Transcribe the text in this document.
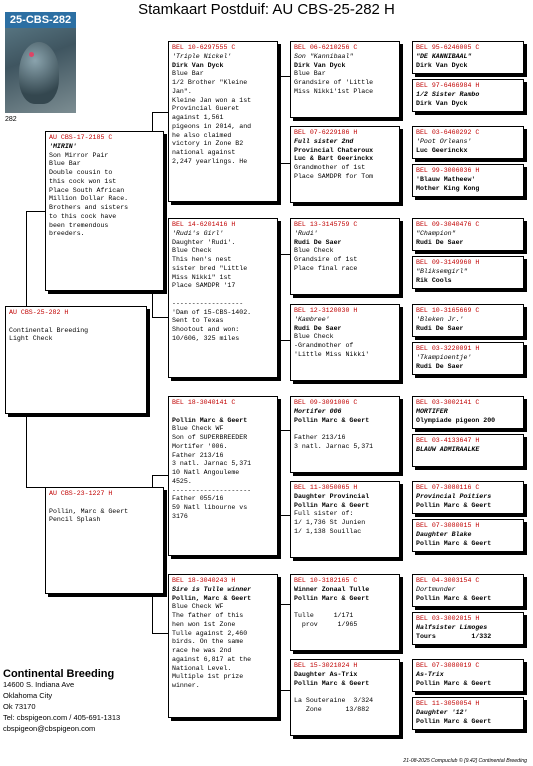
Stamkaart Postduif: AU CBS-25-282 H
25-CBS-282
282
AU CBS-25-282 H

Continental Breeding
Light Check
AU CBS-17-2185 C
'MIRIN'
Son Mirror Pair
Blue Bar
Double cousin to
this cock won 1st
Place South African
Million Dollar Race.
Brothers and sisters
to this cock have
been tremendous
breeders.
AU CBS-23-1227 H

Pollin, Marc & Geert
Pencil Splash
BEL 10-6297555 C
'Triple Nickel'
Dirk Van Dyck
Blue Bar
1/2 Brother "Kleine
Jan".
Kleine Jan won a 1st
Provincial Gueret
against 1,561
pigeons in 2014, and
he also claimed
victory in Zone B2
national against
2,247 yearlings. He
BEL 14-6201416 H
'Rudi's Girl'
Daughter 'Rudi'.
Blue Check
This hen's nest
sister bred "Little
Miss Nikki" 1st
Place SAMDPR '17

------------------
'Dam of 15-CBS-1402.
Sent to Texas
Shootout and won:
10/606, 325 miles
BEL 18-3040141 C

Pollin Marc & Geert
Blue Check WF
Son of SUPERBREEDER
Mortifer '006.
Father 213/16
3 natl. Jarnac 5,371
10 Natl Angouleme
4525.
--------------------
Father 055/16
59 Natl libourne vs
3176
BEL 18-3040243 H
Sire is Tulle winner
Pollin, Marc & Geert
Blue Check WF
The father of this
hen won 1st Zone
Tulle against 2,460
birds. On the same
race he was 2nd
against 6,817 at the
National Level.
Multiple 1st prize
winner.
BEL 06-6210256 C
Son "Kannibaal"
Dirk Van Dyck
Blue Bar
Grandsire of 'Little
Miss Nikki'1st Place
BEL 07-6229186 H
Full sister 2nd
Provincial Chateroux
Luc & Bart Geerinckx
Grandmother of 1st
Place SAMDPR for Tom
BEL 13-3145759 C
'Rudi'
Rudi De Saer
Blue Check
Grandsire of 1st
Place final race
BEL 12-3120030 H
'Kambree'
Rudi De Saer
Blue Check
-Grandmother of
'Little Miss Nikki'
BEL 09-3091006 C
Mortifer 006
Pollin Marc & Geert

Father 213/16
3 natl. Jarnac 5,371
BEL 11-3050065 H
Daughter Provincial
Pollin Marc & Geert
Full sister of:
1/ 1,736 St Junien
1/ 1,138 Souillac
BEL 10-3182165 C
Winner Zonaal Tulle
Pollin Marc & Geert

Tulle     1/171
prov     1/965
BEL 15-3021024 H
Daughter As-Trix
Pollin Marc & Geert

La Souteraine  3/324
Zone      13/882
BEL 95-6246005 C
"DE KANNIBAAL"
Dirk Van Dyck
BEL 97-6466984 H
1/2 Sister Rambo
Dirk Van Dyck
BEL 03-6460292 C
'Poot Orleans'
Luc Geerinckx
BEL 99-3006036 H
'Blauw Matheew'
Mother King Kong
BEL 09-3040476 C
"Champion"
Rudi De Saer
BEL 09-3149960 H
"Bliksemgirl"
Rik Cools
BEL 10-3165669 C
'Bleken Jr.'
Rudi De Saer
BEL 03-3220091 H
'Tkampioentje'
Rudi De Saer
BEL 03-3002141 C
MORTIFER
Olympiade pigeon 200
BEL 03-4133647 H
BLAUW ADMIRAALKE
BEL 07-3080116 C
Provincial Poitiers
Pollin Marc & Geert
BEL 07-3080015 H
Daughter Blake
Pollin Marc & Geert
BEL 04-3003154 C
Dortmunder
Pollin Marc & Geert
BEL 03-3002015 H
Halfsister Limoges
Tours         1/332
BEL 07-3080019 C
As-Trix
Pollin Marc & Geert
BEL 11-3050054 H
Daughter '12'
Pollin Marc & Geert
Continental Breeding
14600 S. Indiana Ave
Oklahoma City
Ok 73170
Tel: cbspigeon.com / 405-691-1313
cbspigeon@cbspigeon.com
21-08-2025 Compuclub © [9.42] Continental Breeding
